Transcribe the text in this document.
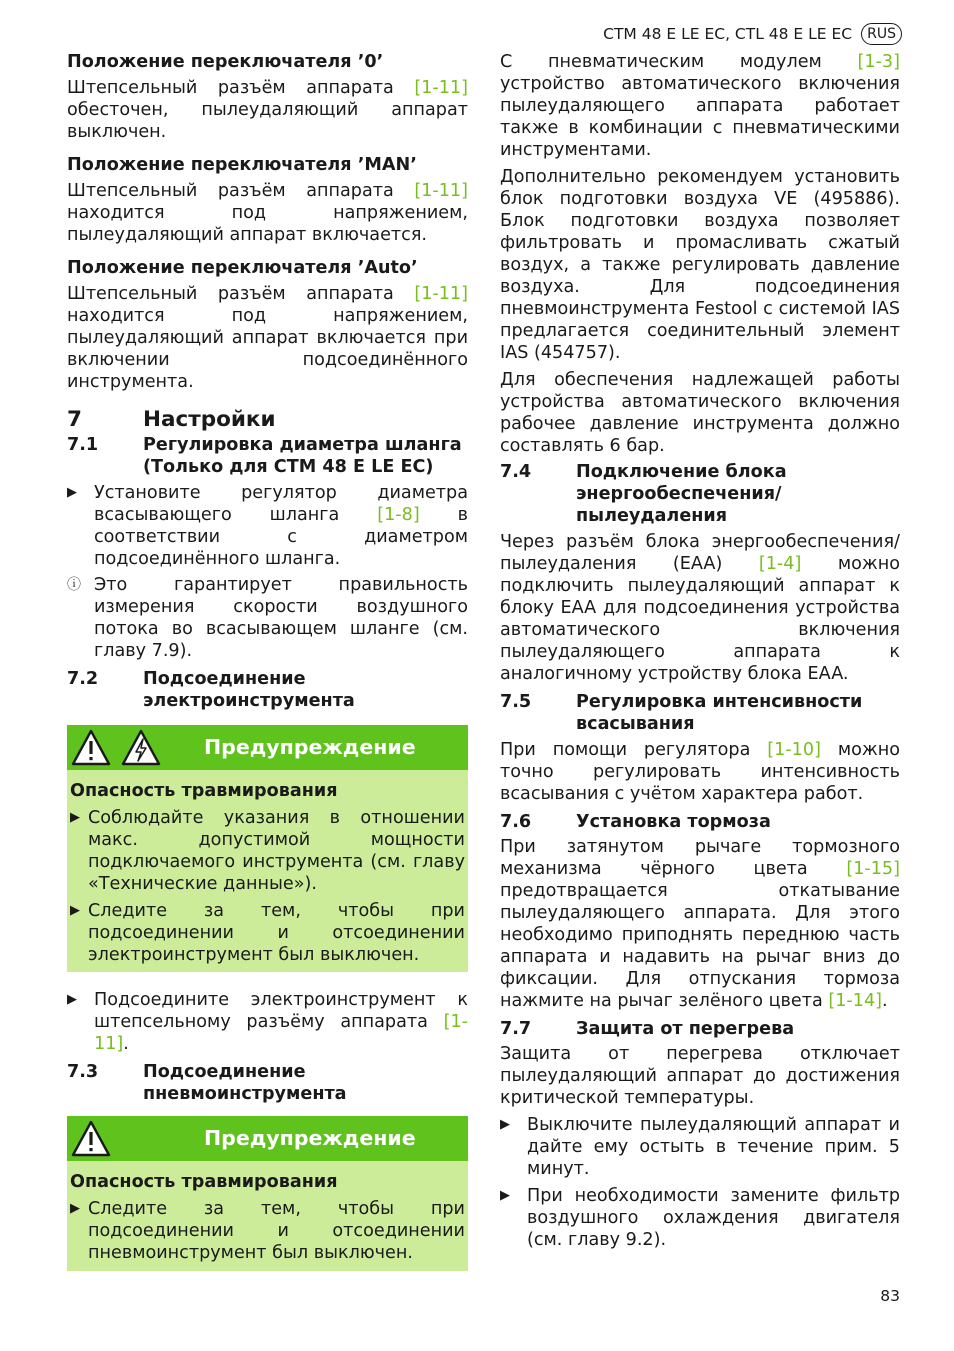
CTM 48 E LE EC, CTL 48 E LE EC	RUS
Положение переключателя ’0’

Штепсельный разъём аппарата [1-11] обесточен, пылеудаляющий аппарат выключен.

Положение переключателя ’MAN’

Штепсельный разъём аппарата [1-11] находится под напряжением, пылеудаляющий аппарат включается.

Положение переключателя ’Auto’

Штепсельный разъём аппарата [1-11] находится под напряжением, пылеудаляющий аппарат включается при включении подсоединённого инструмента.

7	Настройки
7.1	Регулировка диаметра шланга (Только для CTM 48 E LE EC)
▶ Установите регулятор диаметра всасывающего шланга [1-8] в соответствии с диаметром подсоединённого шланга.
ⓘ Это гарантирует правильность измерения скорости воздушного потока во всасывающем шланге (см. главу 7.9).
7.2	Подсоединение электроинструмента
Предупреждение
Опасность травмирования
▶ Соблюдайте указания в отношении макс. допустимой мощности подключаемого инструмента (см. главу «Технические данные»).
▶ Следите за тем, чтобы при подсоединении и отсоединении электроинструмент был выключен.
▶ Подсоедините электроинструмент к штепсельному разъёму аппарата [1-11].
7.3	Подсоединение пневмоинструмента
Предупреждение
Опасность травмирования
▶ Следите за тем, чтобы при подсоединении и отсоединении пневмоинструмент был выключен.

С пневматическим модулем [1-3] устройство автоматического включения пылеудаляющего аппарата работает также в комбинации с пневматическими инструментами.

Дополнительно рекомендуем установить блок подготовки воздуха VE (495886). Блок подготовки воздуха позволяет фильтровать и промасливать сжатый воздух, а также регулировать давление воздуха. Для подсоединения пневмоинструмента Festool с системой IAS предлагается соединительный элемент IAS (454757).

Для обеспечения надлежащей работы устройства автоматического включения рабочее давление инструмента должно составлять 6 бар.

7.4	Подключение блока энергообеспечения/ пылеудаления

Через разъём блока энергообеспечения/ пылеудаления (EAA) [1-4] можно подключить пылеудаляющий аппарат к блоку EAA для подсоединения устройства автоматического включения пылеудаляющего аппарата к аналогичному устройству блока EAA.

7.5	Регулировка интенсивности всасывания

При помощи регулятора [1-10] можно точно регулировать интенсивность всасывания с учётом характера работ.

7.6	Установка тормоза

При затянутом рычаге тормозного механизма чёрного цвета [1-15] предотвращается откатывание пылеудаляющего аппарата. Для этого необходимо приподнять переднюю часть аппарата и надавить на рычаг вниз до фиксации. Для отпускания тормоза нажмите на рычаг зелёного цвета [1-14].

7.7	Защита от перегрева

Защита от перегрева отключает пылеудаляющий аппарат до достижения критической температуры.

▶ Выключите пылеудаляющий аппарат и дайте ему остыть в течение прим. 5 минут.
▶ При необходимости замените фильтр воздушного охлаждения двигателя (см. главу 9.2).
83
